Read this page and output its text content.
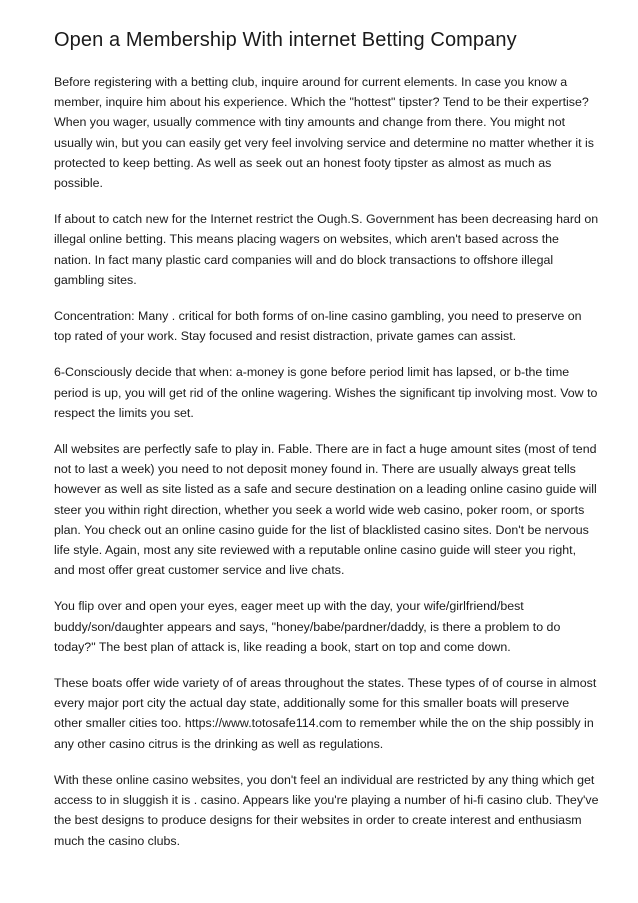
Open a Membership With internet Betting Company

Before registering with a betting club, inquire around for current elements. In case you know a member, inquire him about his experience. Which the "hottest" tipster? Tend to be their expertise? When you wager, usually commence with tiny amounts and change from there. You might not usually win, but you can easily get very feel involving service and determine no matter whether it is protected to keep betting. As well as seek out an honest footy tipster as almost as much as possible.

If about to catch new for the Internet restrict the Ough.S. Government has been decreasing hard on illegal online betting. This means placing wagers on websites, which aren't based across the nation. In fact many plastic card companies will and do block transactions to offshore illegal gambling sites.

Concentration: Many . critical for both forms of on-line casino gambling, you need to preserve on top rated of your work. Stay focused and resist distraction, private games can assist.

6-Consciously decide that when: a-money is gone before period limit has lapsed, or b-the time period is up, you will get rid of the online wagering. Wishes the significant tip involving most. Vow to respect the limits you set.

All websites are perfectly safe to play in. Fable. There are in fact a huge amount sites (most of tend not to last a week) you need to not deposit money found in. There are usually always great tells however as well as site listed as a safe and secure destination on a leading online casino guide will steer you within right direction, whether you seek a world wide web casino, poker room, or sports plan. You check out an online casino guide for the list of blacklisted casino sites. Don't be nervous life style. Again, most any site reviewed with a reputable online casino guide will steer you right, and most offer great customer service and live chats.

You flip over and open your eyes, eager meet up with the day, your wife/girlfriend/best buddy/son/daughter appears and says, "honey/babe/pardner/daddy, is there a problem to do today?" The best plan of attack is, like reading a book, start on top and come down.

These boats offer wide variety of of areas throughout the states. These types of of course in almost every major port city the actual day state, additionally some for this smaller boats will preserve other smaller cities too. https://www.totosafe114.com to remember while the on the ship possibly in any other casino citrus is the drinking as well as regulations.

With these online casino websites, you don't feel an individual are restricted by any thing which get access to in sluggish it is . casino. Appears like you're playing a number of hi-fi casino club. They've the best designs to produce designs for their websites in order to create interest and enthusiasm much the casino clubs.
